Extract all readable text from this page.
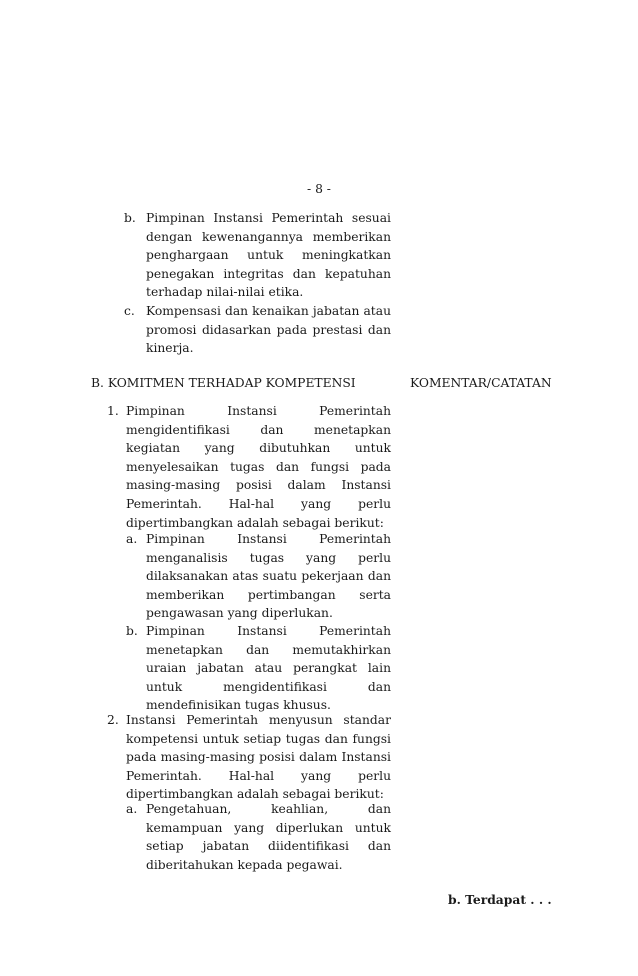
- 8 -
b. Pimpinan Instansi Pemerintah sesuai
dengan kewenangannya memberikan
penghargaan untuk meningkatkan
penegakan integritas dan kepatuhan
terhadap nilai-nilai etika.
c. Kompensasi dan kenaikan jabatan atau
promosi didasarkan pada prestasi dan
kinerja.
B. KOMITMEN TERHADAP KOMPETENSI	KOMENTAR/CATATAN
1. Pimpinan Instansi Pemerintah
mengidentifikasi dan menetapkan
kegiatan yang dibutuhkan untuk
menyelesaikan tugas dan fungsi pada
masing-masing posisi dalam Instansi
Pemerintah. Hal-hal yang perlu
dipertimbangkan adalah sebagai berikut:
a. Pimpinan Instansi Pemerintah
menganalisis tugas yang perlu
dilaksanakan atas suatu pekerjaan dan
memberikan pertimbangan serta
pengawasan yang diperlukan.
b. Pimpinan Instansi Pemerintah
menetapkan dan memutakhirkan
uraian jabatan atau perangkat lain
untuk mengidentifikasi dan
mendefinisikan tugas khusus.
2. Instansi Pemerintah menyusun standar
kompetensi untuk setiap tugas dan fungsi
pada masing-masing posisi dalam Instansi
Pemerintah. Hal-hal yang perlu
dipertimbangkan adalah sebagai berikut:
a. Pengetahuan, keahlian, dan
kemampuan yang diperlukan untuk
setiap jabatan diidentifikasi dan
diberitahukan kepada pegawai.
b. Terdapat . . .
